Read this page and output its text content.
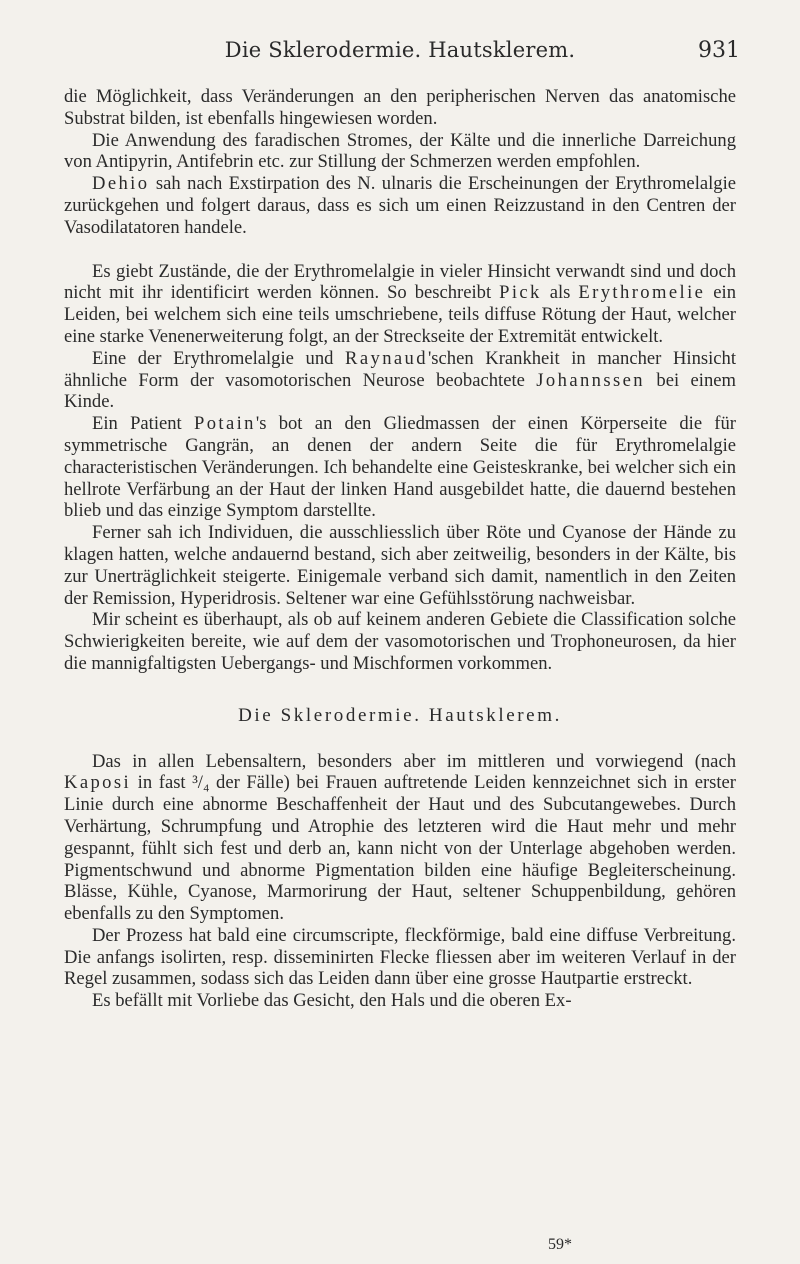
Die Sklerodermie. Hautsklerem.	931

die Möglichkeit, dass Veränderungen an den peripherischen Nerven das anatomische Substrat bilden, ist ebenfalls hingewiesen worden.

Die Anwendung des faradischen Stromes, der Kälte und die innerliche Darreichung von Antipyrin, Antifebrin etc. zur Stillung der Schmerzen werden empfohlen.

Dehio sah nach Exstirpation des N. ulnaris die Erscheinungen der Erythromelalgie zurückgehen und folgert daraus, dass es sich um einen Reizzustand in den Centren der Vasodilatatoren handele.

Es giebt Zustände, die der Erythromelalgie in vieler Hinsicht verwandt sind und doch nicht mit ihr identificirt werden können. So beschreibt Pick als Erythromelie ein Leiden, bei welchem sich eine teils umschriebene, teils diffuse Rötung der Haut, welcher eine starke Venenerweiterung folgt, an der Streckseite der Extremität entwickelt.

Eine der Erythromelalgie und Raynaud'schen Krankheit in mancher Hinsicht ähnliche Form der vasomotorischen Neurose beobachtete Johannssen bei einem Kinde.

Ein Patient Potain's bot an den Gliedmassen der einen Körperseite die für symmetrische Gangrän, an denen der andern Seite die für Erythromelalgie characteristischen Veränderungen. Ich behandelte eine Geisteskranke, bei welcher sich ein hellrote Verfärbung an der Haut der linken Hand ausgebildet hatte, die dauernd bestehen blieb und das einzige Symptom darstellte.

Ferner sah ich Individuen, die ausschliesslich über Röte und Cyanose der Hände zu klagen hatten, welche andauernd bestand, sich aber zeitweilig, besonders in der Kälte, bis zur Unerträglichkeit steigerte. Einigemale verband sich damit, namentlich in den Zeiten der Remission, Hyperidrosis. Seltener war eine Gefühlsstörung nachweisbar.

Mir scheint es überhaupt, als ob auf keinem anderen Gebiete die Classification solche Schwierigkeiten bereite, wie auf dem der vasomotorischen und Trophoneurosen, da hier die mannigfaltigsten Uebergangs- und Mischformen vorkommen.

Die Sklerodermie. Hautsklerem.

Das in allen Lebensaltern, besonders aber im mittleren und vorwiegend (nach Kaposi in fast ³/₄ der Fälle) bei Frauen auftretende Leiden kennzeichnet sich in erster Linie durch eine abnorme Beschaffenheit der Haut und des Subcutangewebes. Durch Verhärtung, Schrumpfung und Atrophie des letzteren wird die Haut mehr und mehr gespannt, fühlt sich fest und derb an, kann nicht von der Unterlage abgehoben werden. Pigmentschwund und abnorme Pigmentation bilden eine häufige Begleiterscheinung. Blässe, Kühle, Cyanose, Marmorirung der Haut, seltener Schuppenbildung, gehören ebenfalls zu den Symptomen.

Der Prozess hat bald eine circumscripte, fleckförmige, bald eine diffuse Verbreitung. Die anfangs isolirten, resp. disseminirten Flecke fliessen aber im weiteren Verlauf in der Regel zusammen, sodass sich das Leiden dann über eine grosse Hautpartie erstreckt.

Es befällt mit Vorliebe das Gesicht, den Hals und die oberen Ex-

59*
